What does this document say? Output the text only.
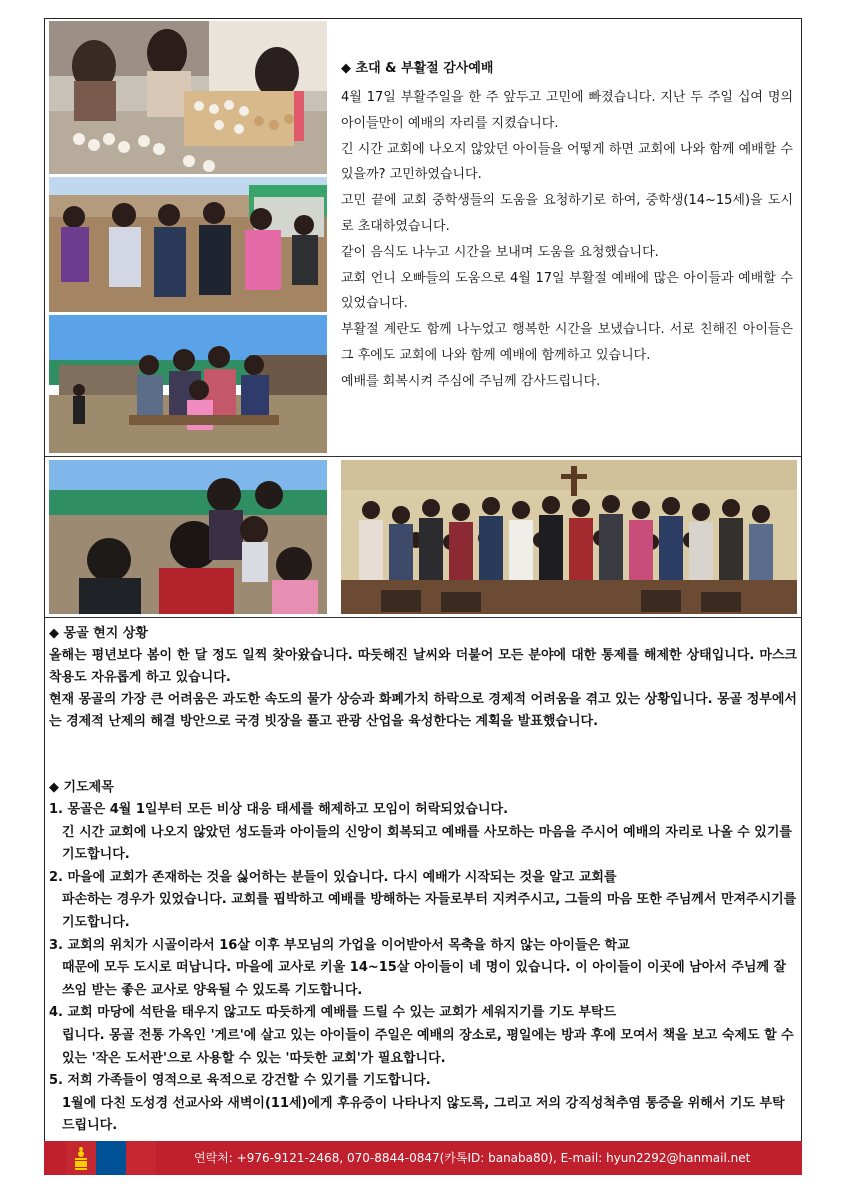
◆ 초대 & 부활절 감사예배

4월 17일 부활주일을 한 주 앞두고 고민에 빠졌습니다. 지난 두 주일 십여 명의 아이들만이 예배의 자리를 지켰습니다.

긴 시간 교회에 나오지 않았던 아이들을 어떻게 하면 교회에 나와 함께 예배할 수 있을까? 고민하였습니다.

고민 끝에 교회 중학생들의 도움을 요청하기로 하여, 중학생(14~15세)을 도시로 초대하였습니다.

같이 음식도 나누고 시간을 보내며 도움을 요청했습니다.

교회 언니 오빠들의 도움으로 4월 17일 부활절 예배에 많은 아이들과 예배할 수 있었습니다.

부활절 계란도 함께 나누었고 행복한 시간을 보냈습니다. 서로 친해진 아이들은 그 후에도 교회에 나와 함께 예배에 함께하고 있습니다.

예배를 회복시켜 주심에 주님께 감사드립니다.

◆ 몽골 현지 상황
올해는 평년보다 봄이 한 달 정도 일찍 찾아왔습니다. 따듯해진 날씨와 더불어 모든 분야에 대한 통제를 해제한 상태입니다. 마스크 착용도 자유롭게 하고 있습니다.
현재 몽골의 가장 큰 어려움은 과도한 속도의 물가 상승과 화폐가치 하락으로 경제적 어려움을 겪고 있는 상황입니다. 몽골 정부에서는 경제적 난제의 해결 방안으로 국경 빗장을 풀고 관광 산업을 육성한다는 계획을 발표했습니다.
◆ 기도제목
1. 몽골은 4월 1일부터 모든 비상 대응 태세를 해제하고 모임이 허락되었습니다.
긴 시간 교회에 나오지 않았던 성도들과 아이들의 신앙이 회복되고 예배를 사모하는 마음을 주시어 예배의 자리로 나올 수 있기를 기도합니다.
2. 마을에 교회가 존재하는 것을 싫어하는 분들이 있습니다. 다시 예배가 시작되는 것을 알고 교회를
파손하는 경우가 있었습니다. 교회를 핍박하고 예배를 방해하는 자들로부터 지켜주시고, 그들의 마음 또한 주님께서 만져주시기를 기도합니다.
3. 교회의 위치가 시골이라서 16살 이후 부모님의 가업을 이어받아서 목축을 하지 않는 아이들은 학교
때문에 모두 도시로 떠납니다. 마을에 교사로 키울 14~15살 아이들이 네 명이 있습니다. 이 아이들이 이곳에 남아서 주님께 잘 쓰임 받는 좋은 교사로 양육될 수 있도록 기도합니다.
4. 교회 마당에 석탄을 태우지 않고도 따듯하게 예배를 드릴 수 있는 교회가 세워지기를 기도 부탁드
립니다. 몽골 전통 가옥인 '게르'에 살고 있는 아이들이 주일은 예배의 장소로, 평일에는 방과 후에 모여서 책을 보고 숙제도 할 수 있는 '작은 도서관'으로 사용할 수 있는 '따듯한 교회'가 필요합니다.
5. 저희 가족들이 영적으로 육적으로 강건할 수 있기를 기도합니다.
1월에 다친 도성경 선교사와 새벽이(11세)에게 후유증이 나타나지 않도록, 그리고 저의 강직성척추염 통증을 위해서 기도 부탁드립니다.
연락처: +976-9121-2468, 070-8844-0847(카톡ID: banaba80), E-mail: hyun2292@hanmail.net
